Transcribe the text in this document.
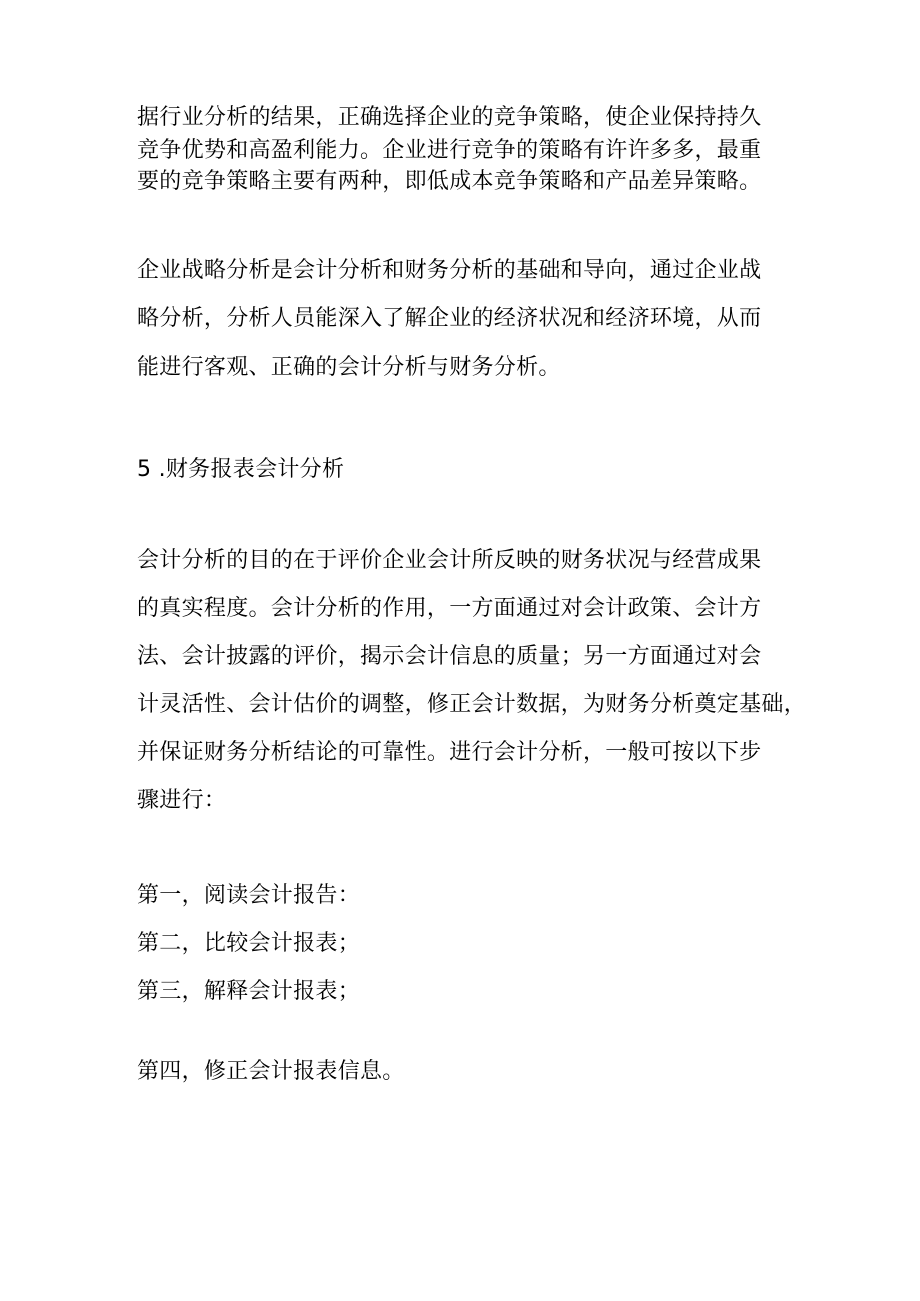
据行业分析的结果，正确选择企业的竞争策略，使企业保持持久
竞争优势和高盈利能力。企业进行竞争的策略有许许多多，最重
要的竞争策略主要有两种，即低成本竞争策略和产品差异策略。
企业战略分析是会计分析和财务分析的基础和导向，通过企业战
略分析，分析人员能深入了解企业的经济状况和经济环境，从而
能进行客观、正确的会计分析与财务分析。
5 .财务报表会计分析
会计分析的目的在于评价企业会计所反映的财务状况与经营成果
的真实程度。会计分析的作用，一方面通过对会计政策、会计方
法、会计披露的评价，揭示会计信息的质量；另一方面通过对会
计灵活性、会计估价的调整，修正会计数据，为财务分析奠定基础，
并保证财务分析结论的可靠性。进行会计分析，一般可按以下步
骤进行：
第一，阅读会计报告：
第二，比较会计报表；
第三，解释会计报表；
第四，修正会计报表信息。
